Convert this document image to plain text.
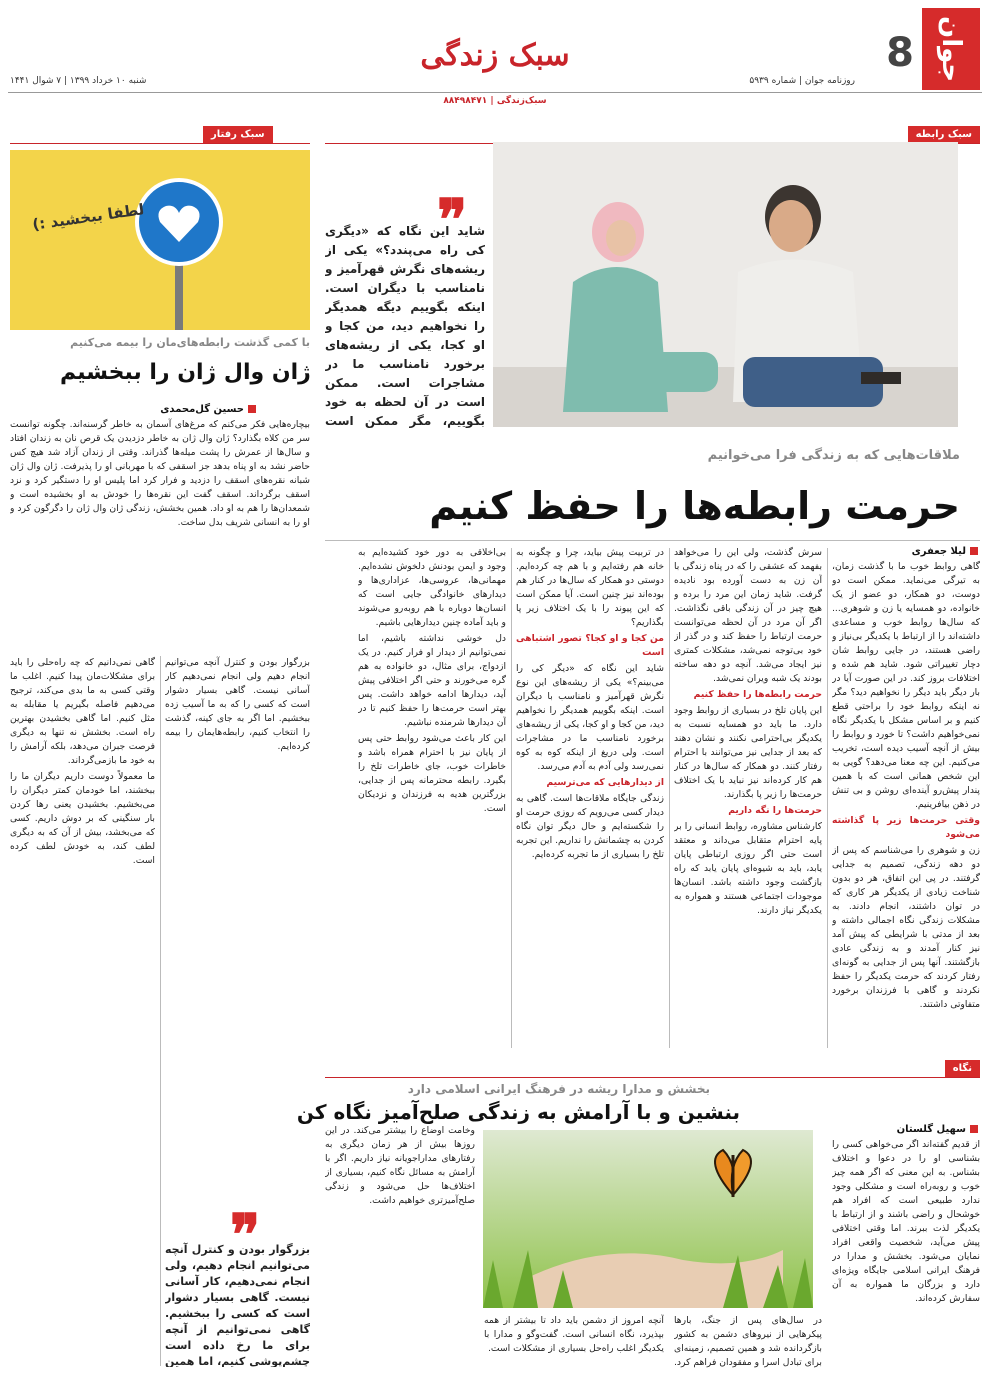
جوان
8
روزنامه جوان | شماره ۵۹۳۹
سبک زندگی
سبک‌زندگی | ۸۸۴۹۸۴۷۱
شنبه ۱۰ خرداد ۱۳۹۹ | ۷ شوال ۱۴۴۱
سبک رابطه
❞
شاید این نگاه که «دیگری کی راه می‌پندد؟» یکی از ریشه‌های نگرش قهرآمیز و نامناسب با دیگران است. اینکه بگوییم دیگه همدیگر را نخواهیم دید، من کجا و او کجا، یکی از ریشه‌های برخورد نامناسب ما در مشاجرات است. ممکن است در آن لحظه به خود بگوییم، مگر ممکن است
ملاقات‌هایی که به زندگی فرا می‌خوانیم
حرمت رابطه‌ها را حفظ کنیم
لیلا جعفری

گاهی روابط خوب ما با گذشت زمان، به تیرگی می‌نماید. ممکن است دو دوست، دو همکار، دو عضو از یک خانواده، دو همسایه یا زن و شوهری... که سال‌ها روابط خوب و مساعدی داشته‌اند را از ارتباط با یکدیگر بی‌نیاز و راضی هستند، در جایی روابط شان دچار تغییراتی شود. شاید هم شده و اختلافات بروز کند. در این صورت آیا در بار دیگر باید دیگر را نخواهیم دید؟ مگر نه اینکه روابط خود را براحتی قطع کنیم و بر اساس مشکل با یکدیگر نگاه نمی‌خواهیم داشت؟ تا خورد و روابط را بیش از آنچه آسیب دیده است، تخریب می‌کنیم. این چه معنا می‌دهد؟ گویی به این شخص همانی است که با همین پندار پیش‌رو آینده‌ای روشن و بی تنش در ذهن بیافرینیم.

وقتی حرمت‌ها زیر پا گذاشته می‌شود

زن و شوهری را می‌شناسم که پس از دو دهه زندگی، تصمیم به جدایی گرفتند. در پی این اتفاق، هر دو بدون شناخت زیادی از یکدیگر هر کاری که در توان داشتند، انجام دادند. به مشکلات زندگی نگاه اجمالی داشته و بعد از مدتی با شرایطی که پیش آمد نیز کنار آمدند و به زندگی عادی بازگشتند. آنها پس از جدایی به گونه‌ای رفتار کردند که حرمت یکدیگر را حفظ نکردند و گاهی با فرزندان برخورد متفاوتی داشتند.

سرش گذشت، ولی این را می‌خواهد بفهمد که عشقی را که در پناه زندگی با آن زن به دست آورده بود نادیده گرفت. شاید زمان این مرد را برده و هیچ چیز در آن زندگی باقی نگذاشت. اگر آن مرد در آن لحظه می‌توانست حرمت ارتباط را حفظ کند و در گذر از خود بی‌توجه نمی‌شد، مشکلات کمتری نیز ایجاد می‌شد. آنچه دو دهه ساخته بودند یک شبه ویران نمی‌شد.

حرمت رابطه‌ها را حفظ کنیم

این پایان تلخ در بسیاری از روابط وجود دارد. ما باید دو همسایه نسبت به یکدیگر بی‌احترامی نکنند و نشان دهند که بعد از جدایی نیز می‌توانند با احترام رفتار کنند. دو همکار که سال‌ها در کنار هم کار کرده‌اند نیز نباید با یک اختلاف حرمت‌ها را زیر پا بگذارند.

حرمت‌ها را نگه داریم

کارشناس مشاوره، روابط انسانی را بر پایه احترام متقابل می‌داند و معتقد است حتی اگر روزی ارتباطی پایان یابد، باید به شیوه‌ای پایان یابد که راه بازگشت وجود داشته باشد. انسان‌ها موجودات اجتماعی هستند و همواره به یکدیگر نیاز دارند.

در تربیت پیش بیاید، چرا و چگونه به خانه هم رفته‌ایم و با هم چه کرده‌ایم. دوستی دو همکار که سال‌ها در کنار هم بوده‌اند نیز چنین است. آیا ممکن است که این پیوند را با یک اختلاف زیر پا بگذاریم؟

من کجا و او کجا؟ تصور اشتباهی است

شاید این نگاه که «دیگر کی را می‌بینم؟» یکی از ریشه‌های این نوع نگرش قهرآمیز و نامناسب با دیگران است. اینکه بگوییم همدیگر را نخواهیم دید، من کجا و او کجا، یکی از ریشه‌های برخورد نامناسب ما در مشاجرات است. ولی دریغ از اینکه کوه به کوه نمی‌رسد ولی آدم به آدم می‌رسد.

از دیدارهایی که می‌ترسیم

زندگی جایگاه ملاقات‌ها است. گاهی به دیدار کسی می‌رویم که روزی حرمت او را شکسته‌ایم و حال دیگر توان نگاه کردن به چشمانش را نداریم. این تجربه تلخ را بسیاری از ما تجربه کرده‌ایم.

بی‌اخلاقی به دور خود کشیده‌ایم به وجود و ایمن بودنش دلخوش نشده‌ایم. مهمانی‌ها، عروسی‌ها، عزاداری‌ها و دیدارهای خانوادگی جایی است که انسان‌ها دوباره با هم روبه‌رو می‌شوند و باید آماده چنین دیدارهایی باشیم.

دل خوشی نداشته باشیم، اما نمی‌توانیم از دیدار او فرار کنیم. در یک ازدواج، برای مثال، دو خانواده به هم گره می‌خورند و حتی اگر اختلافی پیش آید، دیدارها ادامه خواهد داشت. پس بهتر است حرمت‌ها را حفظ کنیم تا در آن دیدارها شرمنده نباشیم.

این کار باعث می‌شود روابط حتی پس از پایان نیز با احترام همراه باشد و خاطرات خوب، جای خاطرات تلخ را بگیرد. رابطه محترمانه پس از جدایی، بزرگترین هدیه به فرزندان و نزدیکان است.

سبک رفتار
لطفا ببخشید :)
با کمی گذشت رابطه‌های‌مان را بیمه می‌کنیم
ژان وال ژان را ببخشیم
حسین گل‌محمدی

بیچاره‌هایی فکر می‌کنم که مرغ‌های آسمان به خاطر گرسنه‌اند. چگونه توانست سر من کلاه بگذارد؟ ژان وال ژان به خاطر دزدیدن یک قرص نان به زندان افتاد و سال‌ها از عمرش را پشت میله‌ها گذراند. وقتی از زندان آزاد شد هیچ کس حاضر نشد به او پناه بدهد جز اسقفی که با مهربانی او را پذیرفت. ژان وال ژان شبانه نقره‌های اسقف را دزدید و فرار کرد اما پلیس او را دستگیر کرد و نزد اسقف برگرداند. اسقف گفت این نقره‌ها را خودش به او بخشیده است و شمعدان‌ها را هم به او داد. همین بخشش، زندگی ژان وال ژان را دگرگون کرد و او را به انسانی شریف بدل ساخت.

گاهی نمی‌دانیم که چه راه‌حلی را باید برای مشکلات‌مان پیدا کنیم. اغلب ما وقتی کسی به ما بدی می‌کند، ترجیح می‌دهیم فاصله بگیریم یا مقابله به مثل کنیم. اما گاهی بخشیدن بهترین راه است. بخشش نه تنها به دیگری فرصت جبران می‌دهد، بلکه آرامش را به خود ما بازمی‌گرداند.

ما معمولاً دوست داریم دیگران ما را ببخشند، اما خودمان کمتر دیگران را می‌بخشیم. بخشیدن یعنی رها کردن بار سنگینی که بر دوش داریم. کسی که می‌بخشد، بیش از آن که به دیگری لطف کند، به خودش لطف کرده است.

بزرگوار بودن و کنترل آنچه می‌توانیم انجام دهیم ولی انجام نمی‌دهیم کار آسانی نیست. گاهی بسیار دشوار است که کسی را که به ما آسیب زده ببخشیم. اما اگر به جای کینه، گذشت را انتخاب کنیم، رابطه‌هایمان را بیمه کرده‌ایم.

❞ بزرگوار بودن و کنترل آنچه می‌توانیم انجام دهیم، ولی انجام نمی‌دهیم، کار آسانی نیست. گاهی بسیار دشوار است که کسی را ببخشیم. گاهی نمی‌توانیم از آنچه برای ما رخ داده است چشم‌پوشی کنیم، اما همین
نگاه
بخشش و مدارا ریشه در فرهنگ ایرانی اسلامی دارد
بنشین و با آرامش به زندگی صلح‌آمیز نگاه کن
سهیل گلستان

از قدیم گفته‌اند اگر می‌خواهی کسی را بشناسی او را در دعوا و اختلاف بشناس. به این معنی که اگر همه چیز خوب و روبه‌راه است و مشکلی وجود ندارد طبیعی است که افراد هم خوشحال و راضی باشند و از ارتباط با یکدیگر لذت ببرند. اما وقتی اختلافی پیش می‌آید، شخصیت واقعی افراد نمایان می‌شود. بخشش و مدارا در فرهنگ ایرانی اسلامی جایگاه ویژه‌ای دارد و بزرگان ما همواره به آن سفارش کرده‌اند.

در سال‌های پس از جنگ، بارها پیکرهایی از نیروهای دشمن به کشور بازگردانده شد و همین تصمیم، زمینه‌ای برای تبادل اسرا و مفقودان فراهم کرد.

آنچه امروز از دشمن باید داد تا بیشتر از همه بپذیرد، نگاه انسانی است. گفت‌وگو و مدارا با یکدیگر اغلب راه‌حل بسیاری از مشکلات است.

وخامت اوضاع را بیشتر می‌کند. در این روزها بیش از هر زمان دیگری به رفتارهای مداراجویانه نیاز داریم. اگر با آرامش به مسائل نگاه کنیم، بسیاری از اختلاف‌ها حل می‌شود و زندگی صلح‌آمیزتری خواهیم داشت.
